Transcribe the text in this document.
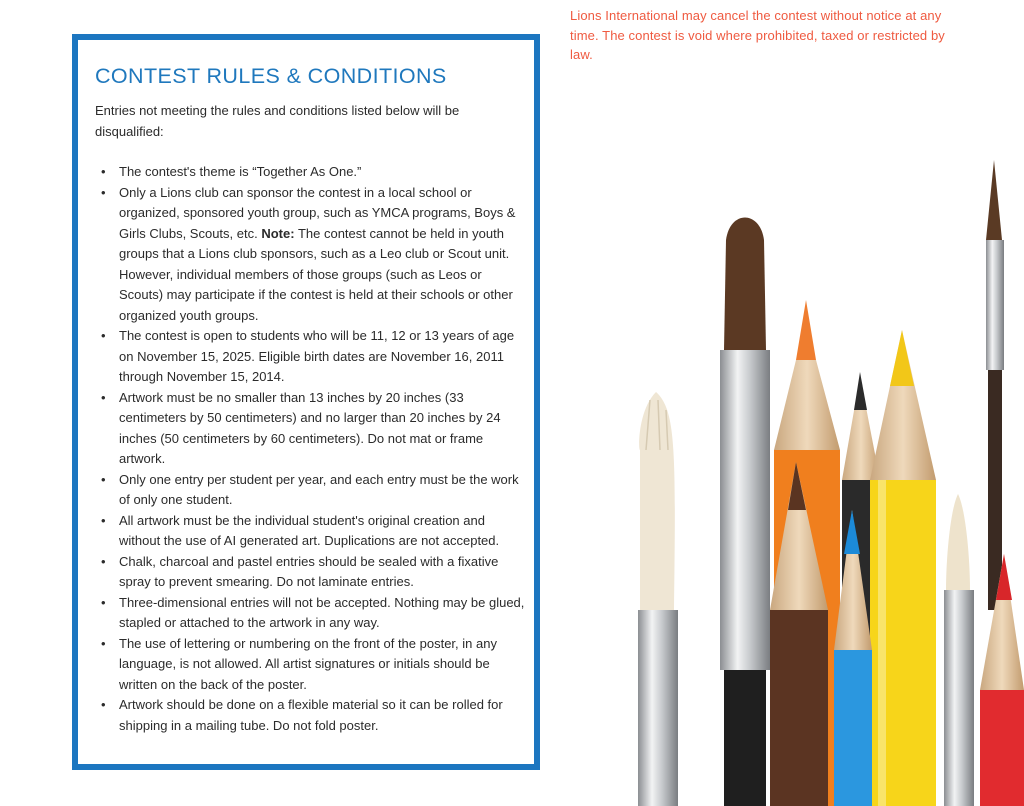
Lions International may cancel the contest without notice at any time. The contest is void where prohibited, taxed or restricted by law.
CONTEST RULES & CONDITIONS

Entries not meeting the rules and conditions listed below will be disqualified:

• The contest's theme is “Together As One.”
• Only a Lions club can sponsor the contest in a local school or organized, sponsored youth group, such as YMCA programs, Boys & Girls Clubs, Scouts, etc. Note: The contest cannot be held in youth groups that a Lions club sponsors, such as a Leo club or Scout unit. However, individual members of those groups (such as Leos or Scouts) may participate if the contest is held at their schools or other organized youth groups.
• The contest is open to students who will be 11, 12 or 13 years of age on November 15, 2025. Eligible birth dates are November 16, 2011 through November 15, 2014.
• Artwork must be no smaller than 13 inches by 20 inches (33 centimeters by 50 centimeters) and no larger than 20 inches by 24 inches (50 centimeters by 60 centimeters). Do not mat or frame artwork.
• Only one entry per student per year, and each entry must be the work of only one student.
• All artwork must be the individual student's original creation and without the use of AI generated art. Duplications are not accepted.
• Chalk, charcoal and pastel entries should be sealed with a fixative spray to prevent smearing. Do not laminate entries.
• Three-dimensional entries will not be accepted. Nothing may be glued, stapled or attached to the artwork in any way.
• The use of lettering or numbering on the front of the poster, in any language, is not allowed. All artist signatures or initials should be written on the back of the poster.
• Artwork should be done on a flexible material so it can be rolled for shipping in a mailing tube. Do not fold poster.
